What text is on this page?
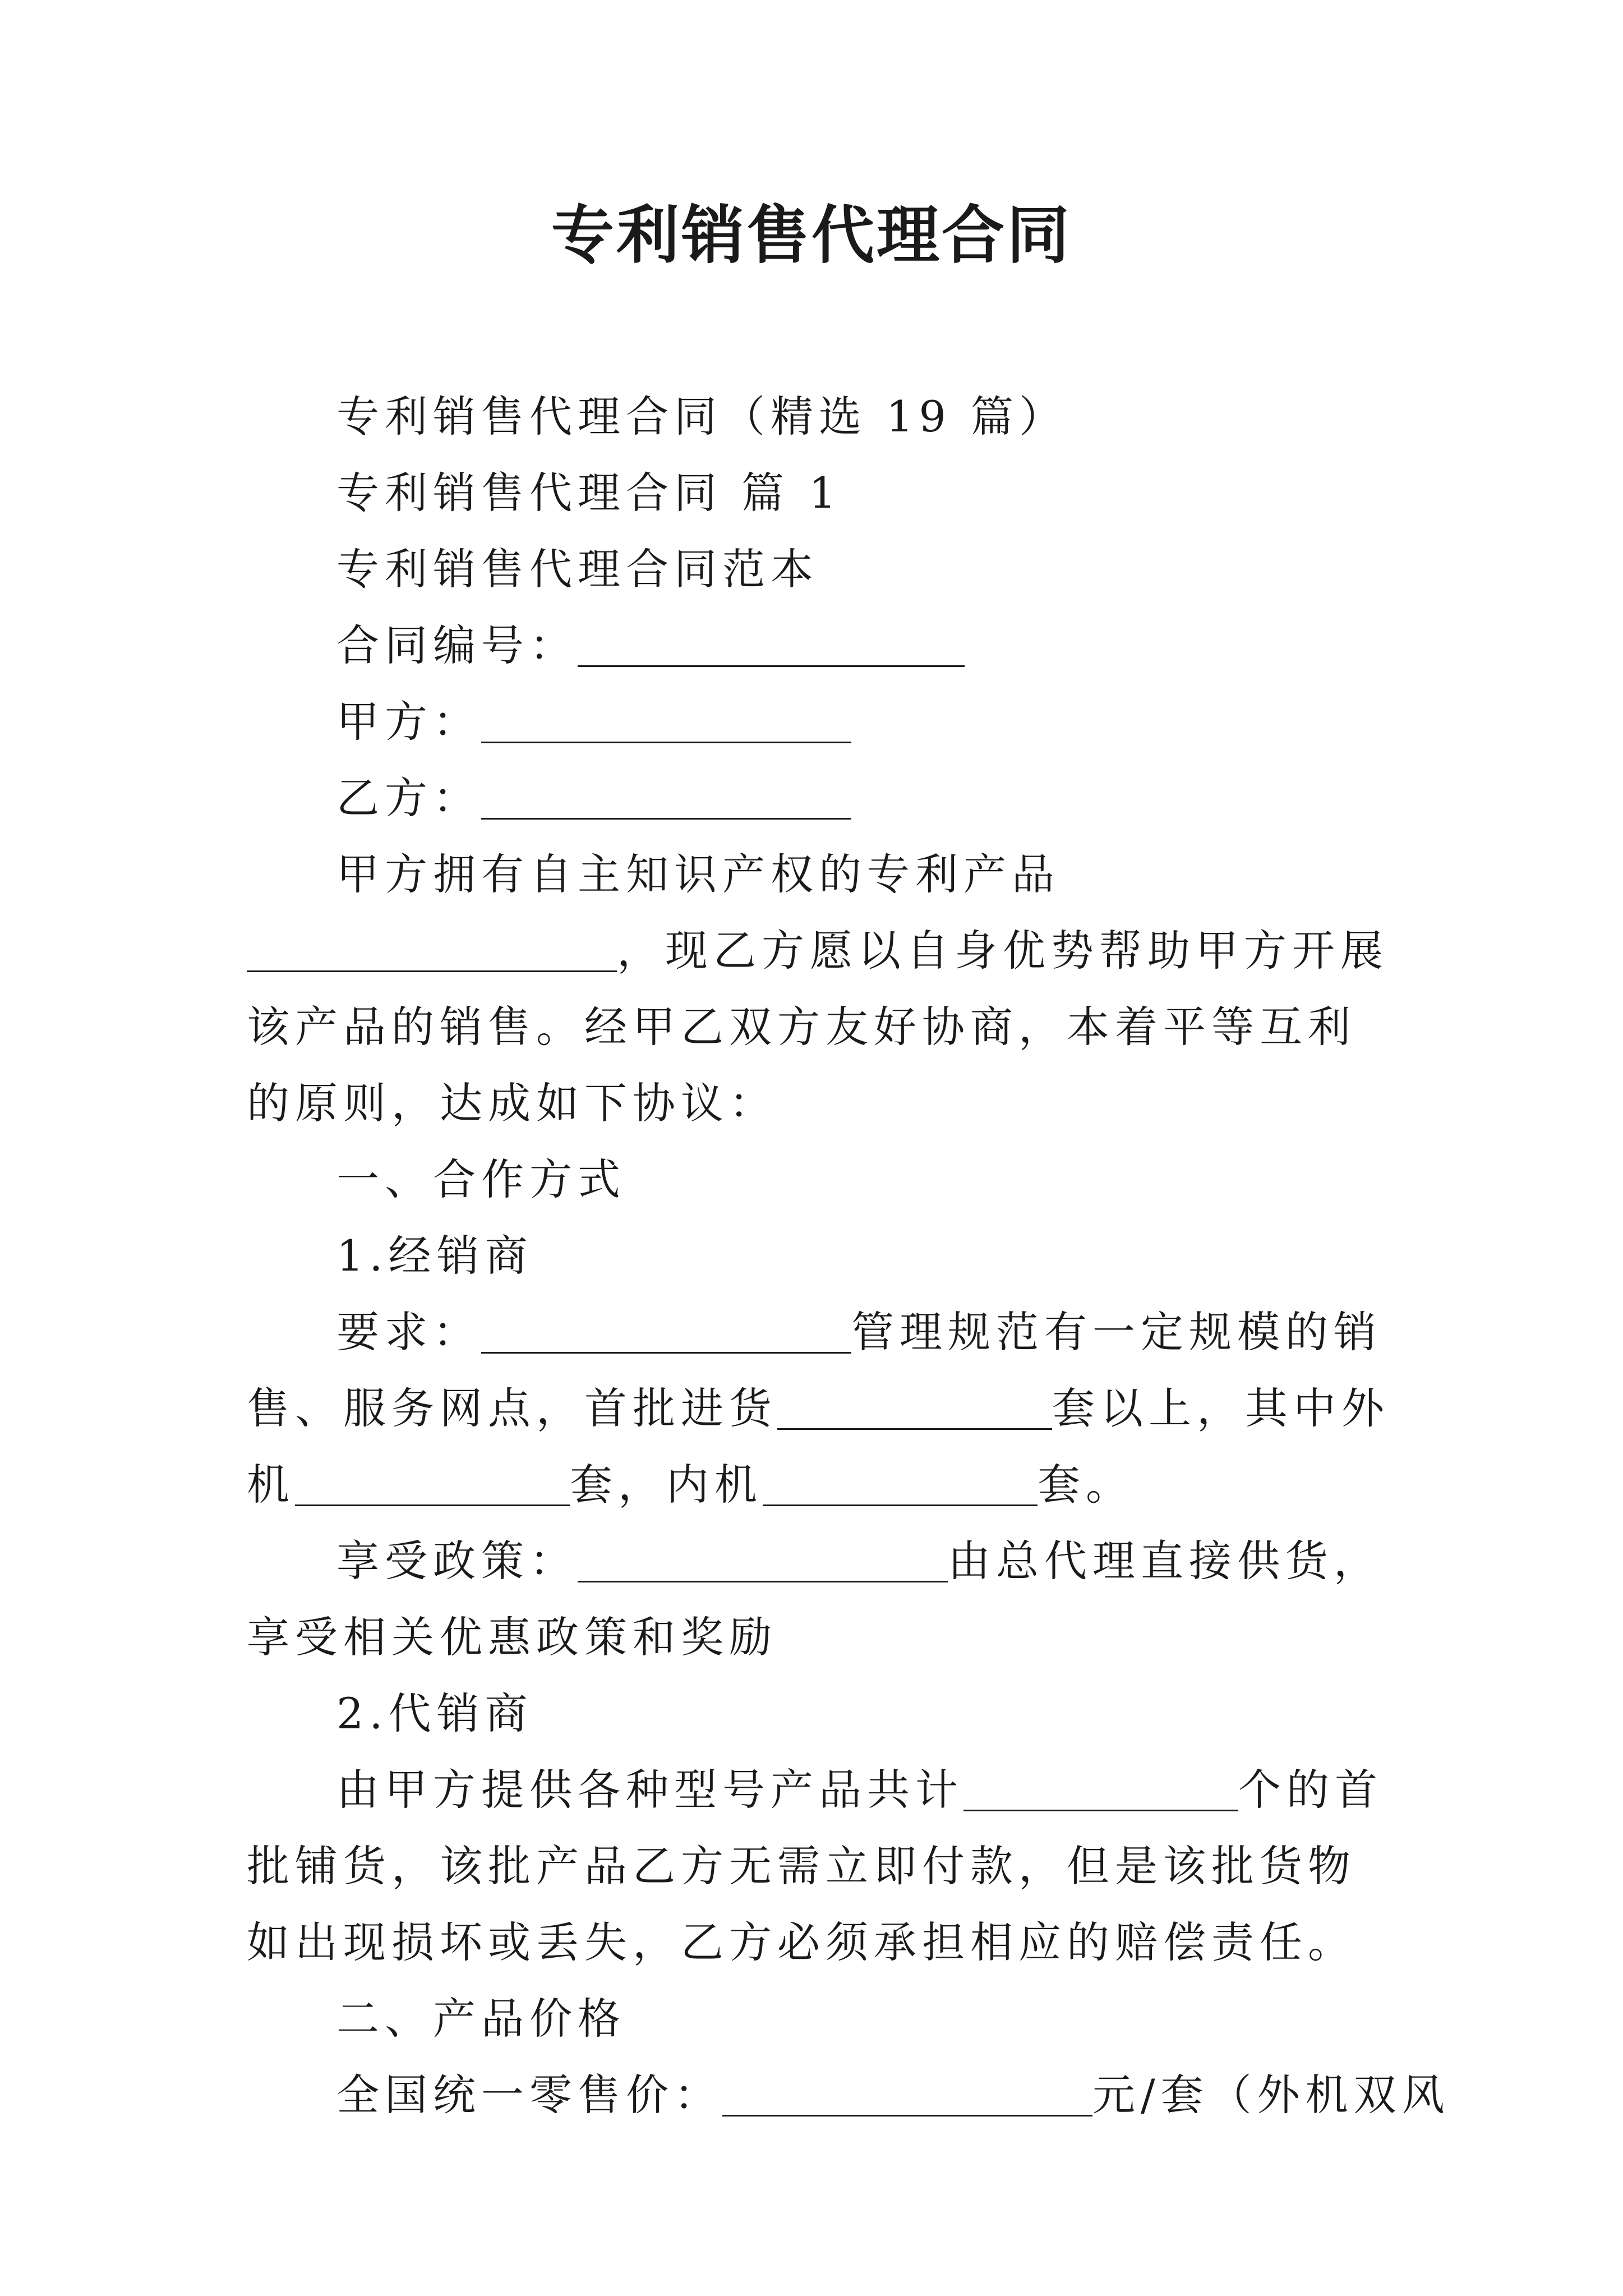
专利销售代理合同

专利销售代理合同（精选 19 篇）

专利销售代理合同 篇 1

专利销售代理合同范本

合同编号：

甲方：

乙方：

甲方拥有自主知识产权的专利产品，现乙方愿以自身优势帮助甲方开展该产品的销售。经甲乙双方友好协商，本着平等互利的原则，达成如下协议：

一、合作方式

1.经销商

要求：	管理规范有一定规模的销售、服务网点，首批进货	套以上，其中外机	套，内机	套。

享受政策：	由总代理直接供货，享受相关优惠政策和奖励

2.代销商

由甲方提供各种型号产品共计	个的首批铺货，该批产品乙方无需立即付款，但是该批货物如出现损坏或丢失，乙方必须承担相应的赔偿责任。

二、产品价格

全国统一零售价：	元/套（外机双风
